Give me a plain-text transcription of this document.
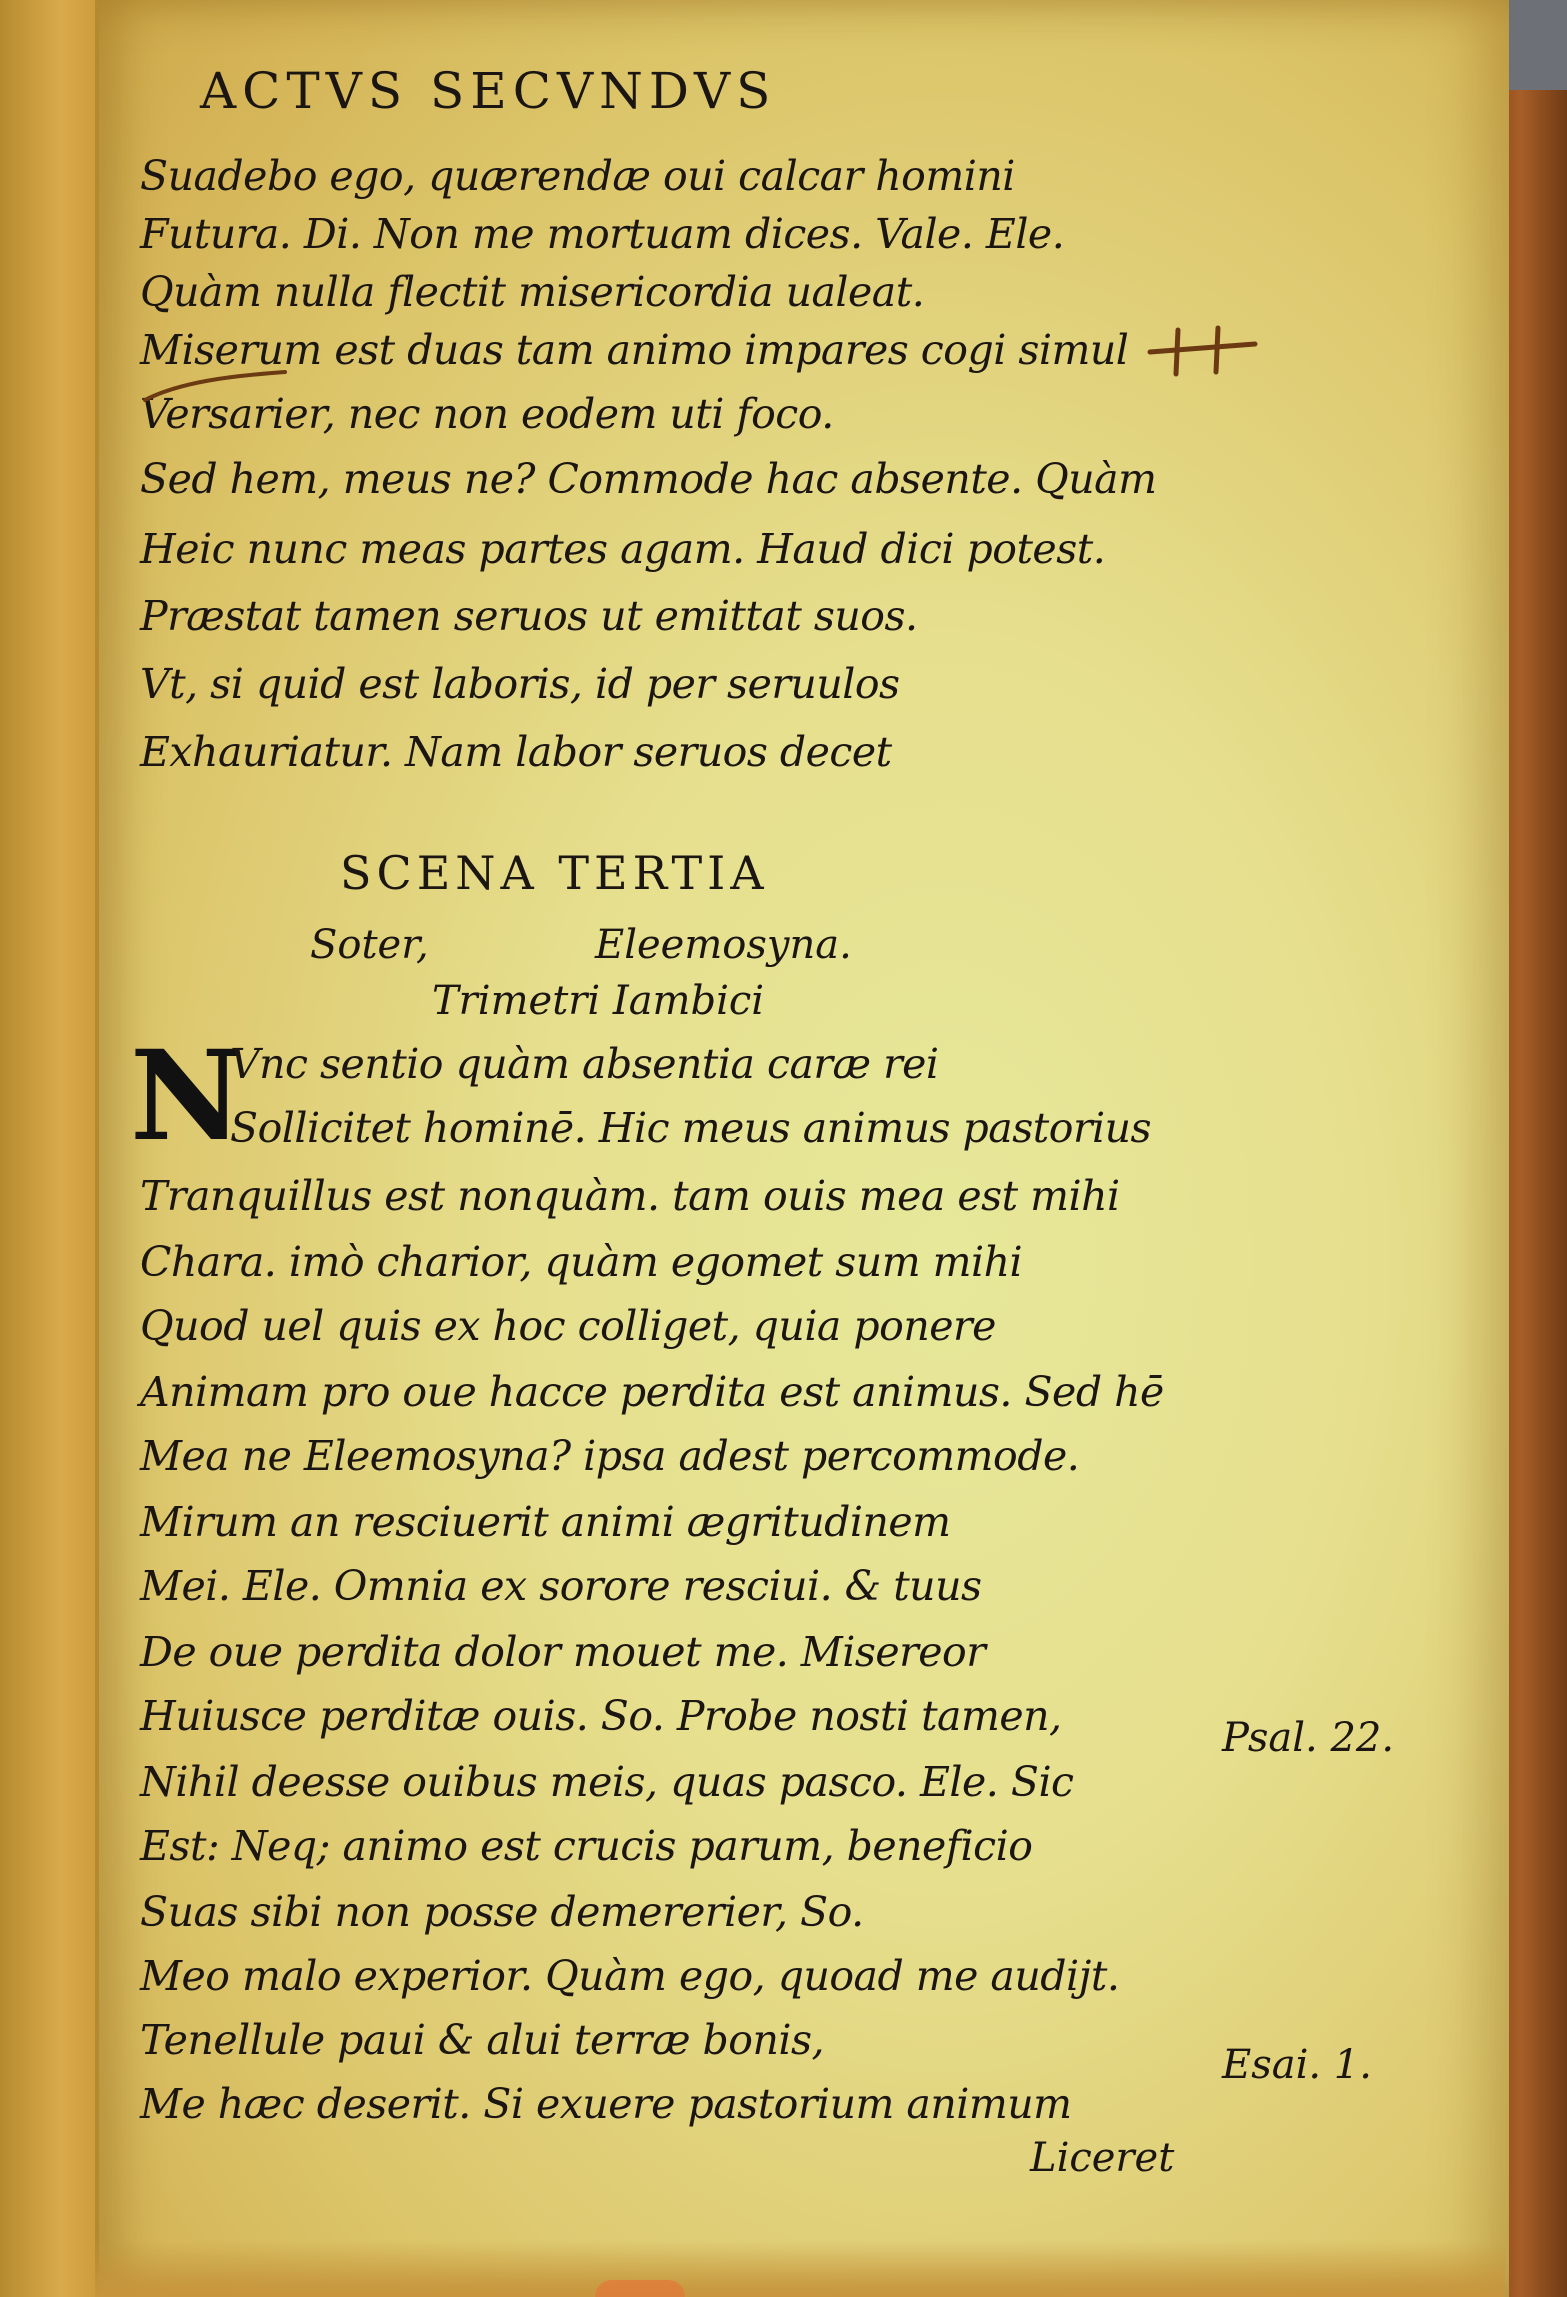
ACTVS SECVNDVS
Suadebo ego, quærendæ oui calcar homini
Futura. Di. Non me mortuam dices. Vale. Ele.
Quàm nulla flectit misericordia ualeat.
Miserum est duas tam animo impares cogi simul
Versarier, nec non eodem uti foco.
Sed hem, meus ne? Commode hac absente. Quàm
Heic nunc meas partes agam. Haud dici potest.
Præstat tamen seruos ut emittat suos.
Vt, si quid est laboris, id per seruulos
Exhauriatur. Nam labor seruos decet
SCENA TERTIA
Soter,	Eleemosyna.
Trimetri Iambici
N
Vnc sentio quàm absentia caræ rei
Sollicitet hominē. Hic meus animus pastorius
Tranquillus est nonquàm. tam ouis mea est mihi
Chara. imò charior, quàm egomet sum mihi
Quod uel quis ex hoc colliget, quia ponere
Animam pro oue hacce perdita est animus. Sed hē
Mea ne Eleemosyna? ipsa adest percommode.
Mirum an resciuerit animi ægritudinem
Mei. Ele. Omnia ex sorore resciui. & tuus
De oue perdita dolor mouet me. Misereor
Huiusce perditæ ouis. So. Probe nosti tamen,
Nihil deesse ouibus meis, quas pasco. Ele. Sic
Est: Neq; animo est crucis parum, beneficio
Suas sibi non posse demererier, So.
Meo malo experior. Quàm ego, quoad me audijt.
Tenellule paui & alui terræ bonis,
Me hæc deserit. Si exuere pastorium animum
Psal. 22.
Esai. 1.
Liceret
